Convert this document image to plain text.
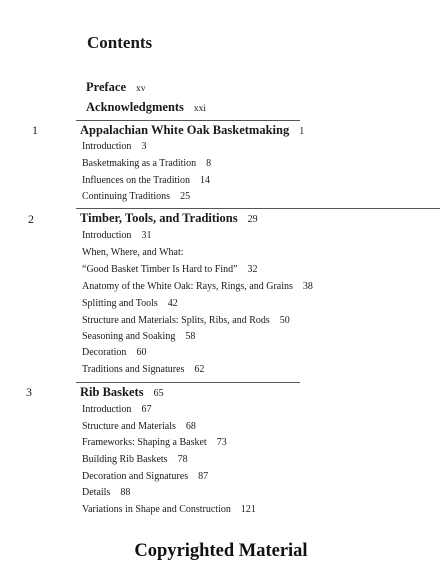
Contents
Preface xv
Acknowledgments xxi
1	Appalachian White Oak Basketmaking 1
Introduction 3
Basketmaking as a Tradition 8
Influences on the Tradition 14
Continuing Traditions 25
2	Timber, Tools, and Traditions 29
Introduction 31
When, Where, and What:
“Good Basket Timber Is Hard to Find” 32
Anatomy of the White Oak: Rays, Rings, and Grains 38
Splitting and Tools 42
Structure and Materials: Splits, Ribs, and Rods 50
Seasoning and Soaking 58
Decoration 60
Traditions and Signatures 62
3	Rib Baskets 65
Introduction 67
Structure and Materials 68
Frameworks: Shaping a Basket 73
Building Rib Baskets 78
Decoration and Signatures 87
Details 88
Variations in Shape and Construction 121
Copyrighted Material
